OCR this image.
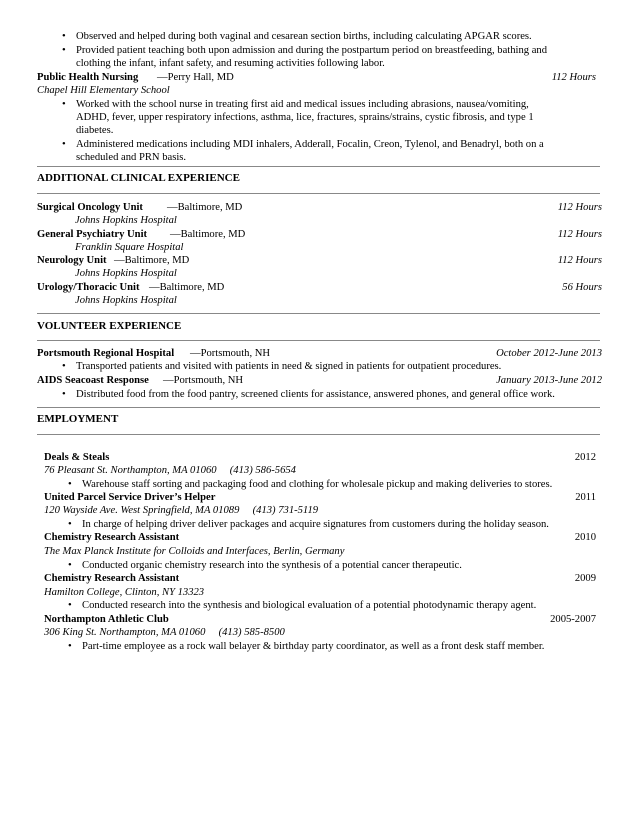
• Observed and helped during both vaginal and cesarean section births, including calculating APGAR scores.
• Provided patient teaching both upon admission and during the postpartum period on breastfeeding, bathing and
clothing the infant, infant safety, and resuming activities following labor.
Public Health Nursing —Perry Hall, MD	112 Hours
Chapel Hill Elementary School
• Worked with the school nurse in treating first aid and medical issues including abrasions, nausea/vomiting,
ADHD, fever, upper respiratory infections, asthma, lice, fractures, sprains/strains, cystic fibrosis, and type 1
diabetes.
• Administered medications including MDI inhalers, Adderall, Focalin, Creon, Tylenol, and Benadryl, both on a
scheduled and PRN basis.
ADDITIONAL CLINICAL EXPERIENCE
Surgical Oncology Unit —Baltimore, MD	112 Hours
Johns Hopkins Hospital
General Psychiatry Unit —Baltimore, MD	112 Hours
Franklin Square Hospital
Neurology Unit —Baltimore, MD	112 Hours
Johns Hopkins Hospital
Urology/Thoracic Unit —Baltimore, MD	56 Hours
Johns Hopkins Hospital
VOLUNTEER EXPERIENCE
Portsmouth Regional Hospital —Portsmouth, NH	October 2012-June 2013
• Transported patients and visited with patients in need & signed in patients for outpatient procedures.
AIDS Seacoast Response —Portsmouth, NH	January 2013-June 2012
• Distributed food from the food pantry, screened clients for assistance, answered phones, and general office work.
EMPLOYMENT
Deals & Steals	2012
76 Pleasant St. Northampton, MA 01060     (413) 586-5654
• Warehouse staff sorting and packaging food and clothing for wholesale pickup and making deliveries to stores.
United Parcel Service Driver’s Helper	2011
120 Wayside Ave. West Springfield, MA 01089     (413) 731-5119
• In charge of helping driver deliver packages and acquire signatures from customers during the holiday season.
Chemistry Research Assistant	2010
The Max Planck Institute for Colloids and Interfaces, Berlin, Germany
• Conducted organic chemistry research into the synthesis of a potential cancer therapeutic.
Chemistry Research Assistant	2009
Hamilton College, Clinton, NY 13323
• Conducted research into the synthesis and biological evaluation of a potential photodynamic therapy agent.
Northampton Athletic Club	2005-2007
306 King St. Northampton, MA 01060     (413) 585-8500
• Part-time employee as a rock wall belayer & birthday party coordinator, as well as a front desk staff member.
